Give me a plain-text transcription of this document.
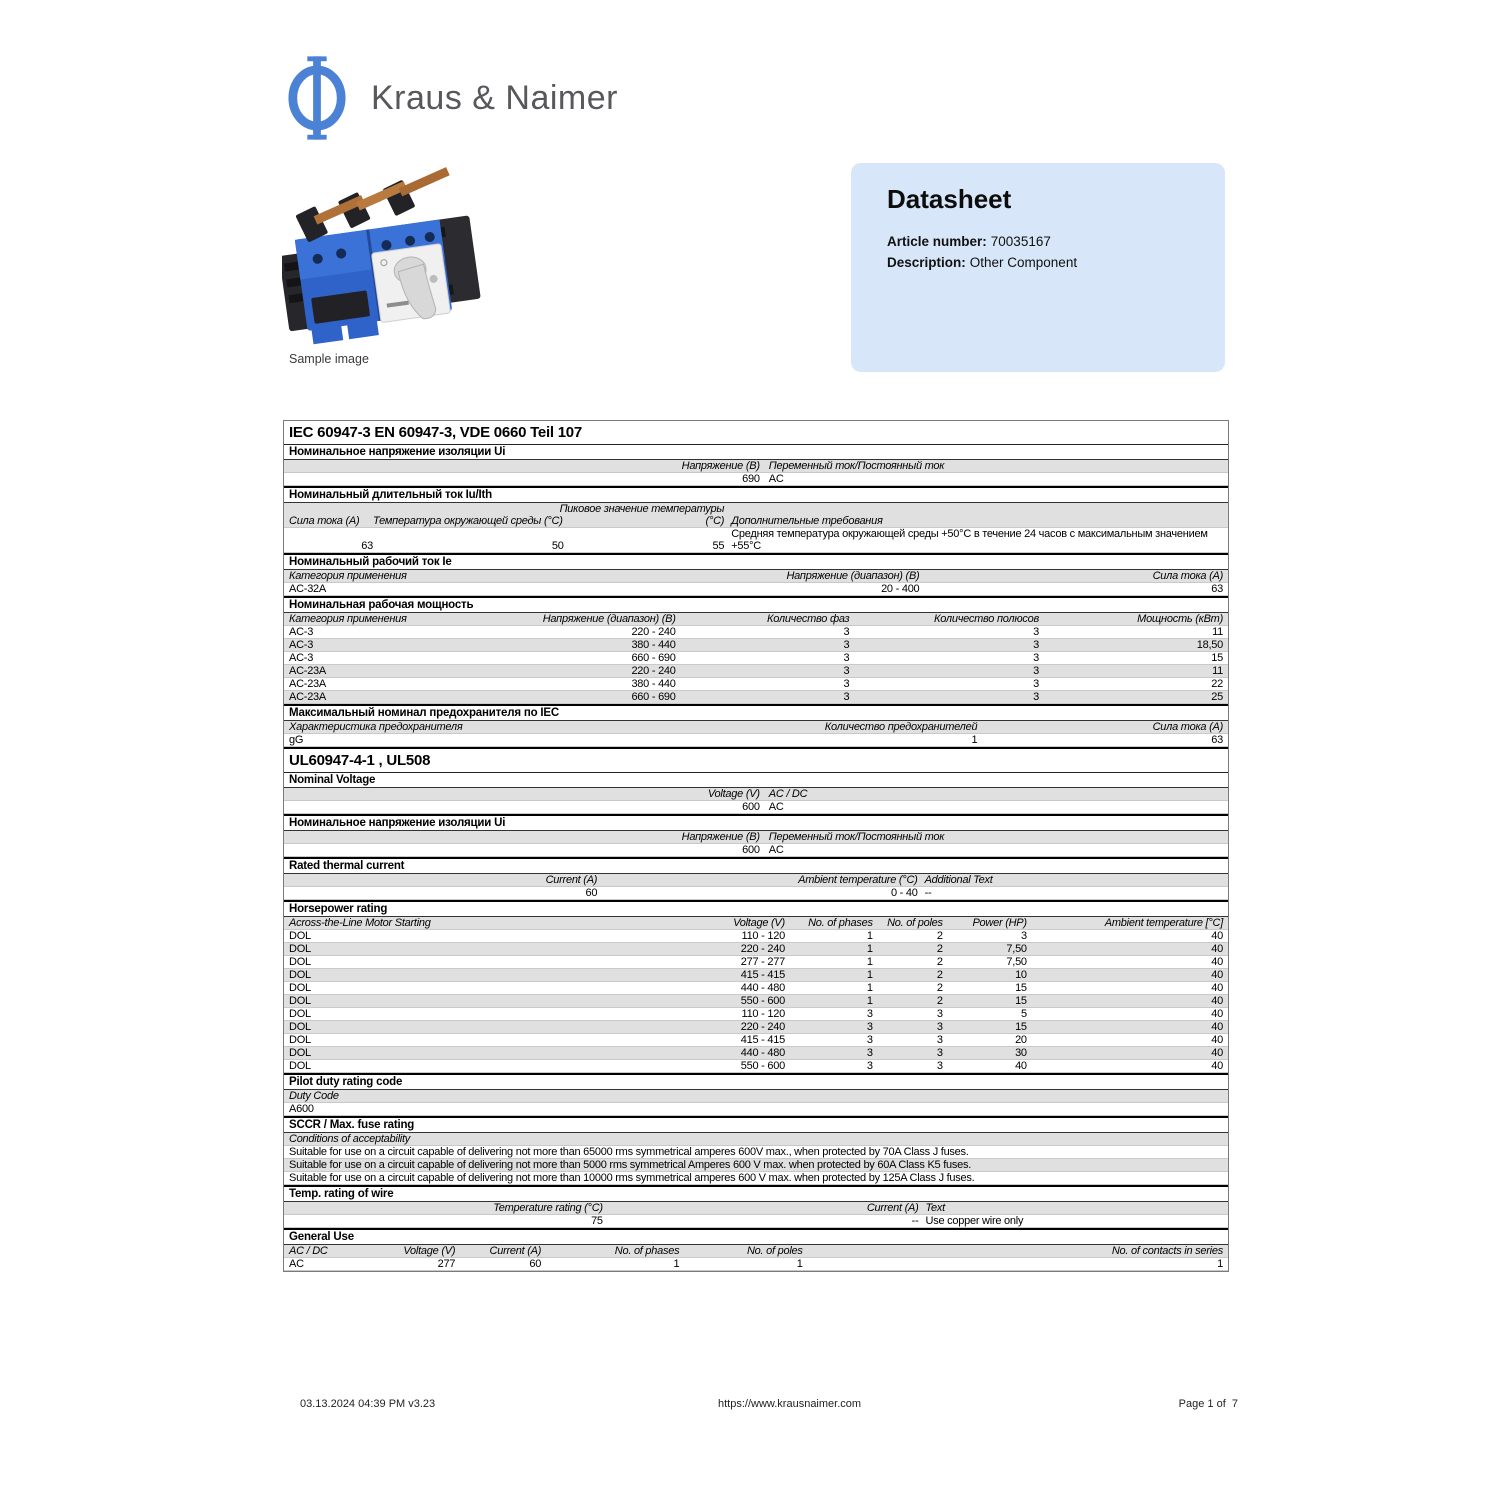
Kraus & Naimer
Sample image
Datasheet
Article number: 70035167
Description: Other Component
IEC 60947-3 EN 60947-3, VDE 0660 Teil 107
Номинальное напряжение изоляции Ui
Напряжение (В) Переменный ток/Постоянный ток
690 AC
Номинальный длительный ток Iu/Ith
Пиковое значение температуры
Сила тока (А)	Температура окружающей среды (°С)	(°С) Дополнительные требования
63	50	55
Средняя температура окружающей среды +50°С в течение 24 часов с максимальным значением
+55°С
Номинальный рабочий ток Ie
Категория применения	Напряжение (диапазон) (В)	Сила тока (А)
AC-32A	20 - 400	63
Номинальная рабочая мощность
Категория применения	Напряжение (диапазон) (В)	Количество фаз	Количество полюсов	Мощность (кВт)
AC-3	220 - 240	3	3	11
AC-3	380 - 440	3	3	18,50
AC-3	660 - 690	3	3	15
AC-23A	220 - 240	3	3	11
AC-23A	380 - 440	3	3	22
AC-23A	660 - 690	3	3	25
Максимальный номинал предохранителя по IEC
Характеристика предохранителя	Количество предохранителей	Сила тока (А)
gG	1	63
UL60947-4-1 , UL508
Nominal Voltage
Voltage (V) AC / DC
600 AC
Номинальное напряжение изоляции Ui
Напряжение (В) Переменный ток/Постоянный ток
600 AC
Rated thermal current
Current (A)	Ambient temperature (°C) Additional Text
60	0 - 40 --
Horsepower rating
Across-the-Line Motor Starting	Voltage (V)	No. of phases	No. of poles	Power (HP)	Ambient temperature [°C]
DOL	110 - 120	1	2	3	40
DOL	220 - 240	1	2	7,50	40
DOL	277 - 277	1	2	7,50	40
DOL	415 - 415	1	2	10	40
DOL	440 - 480	1	2	15	40
DOL	550 - 600	1	2	15	40
DOL	110 - 120	3	3	5	40
DOL	220 - 240	3	3	15	40
DOL	415 - 415	3	3	20	40
DOL	440 - 480	3	3	30	40
DOL	550 - 600	3	3	40	40
Pilot duty rating code
Duty Code
A600
SCCR / Max. fuse rating
Conditions of acceptability
Suitable for use on a circuit capable of delivering not more than 65000 rms symmetrical amperes 600V max., when protected by 70A Class J fuses.
Suitable for use on a circuit capable of delivering not more than 5000 rms symmetrical Amperes 600 V max. when protected by 60A Class K5 fuses.
Suitable for use on a circuit capable of delivering not more than 10000 rms symmetrical amperes 600 V max. when protected by 125A Class J fuses.
Temp. rating of wire
Temperature rating (°C)	Current (A) Text
75	-- Use copper wire only
General Use
AC / DC	Voltage (V)	Current (A)	No. of phases	No. of poles	No. of contacts in series
AC	277	60	1	1	1
03.13.2024 04:39 PM v3.23	https://www.krausnaimer.com	Page 1 of  7
